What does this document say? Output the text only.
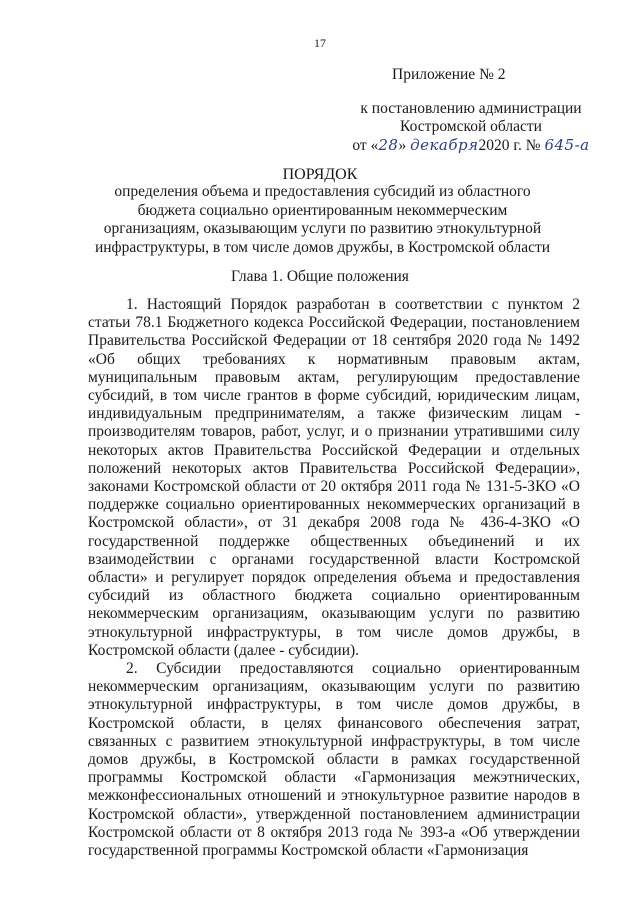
17
Приложение № 2
к постановлению администрации
Костромской области
от «28» декабря2020 г. № 645-а
ПОРЯДОК
определения объема и предоставления субсидий из областного бюджета социально ориентированным некоммерческим организациям, оказывающим услуги по развитию этнокультурной инфраструктуры, в том числе домов дружбы, в Костромской области
Глава 1. Общие положения

1. Настоящий Порядок разработан в соответствии с пунктом 2 статьи 78.1 Бюджетного кодекса Российской Федерации, постановлением Правительства Российской Федерации от 18 сентября 2020 года № 1492 «Об общих требованиях к нормативным правовым актам, муниципальным правовым актам, регулирующим предоставление субсидий, в том числе грантов в форме субсидий, юридическим лицам, индивидуальным предпринимателям, а также физическим лицам - производителям товаров, работ, услуг, и о признании утратившими силу некоторых актов Правительства Российской Федерации и отдельных положений некоторых актов Правительства Российской Федерации», законами Костромской области от 20 октября 2011 года № 131-5-ЗКО «О поддержке социально ориентированных некоммерческих организаций в Костромской области», от 31 декабря 2008 года № 436-4-ЗКО «О государственной поддержке общественных объединений и их взаимодействии с органами государственной власти Костромской области» и регулирует порядок определения объема и предоставления субсидий из областного бюджета социально ориентированным некоммерческим организациям, оказывающим услуги по развитию этнокультурной инфраструктуры, в том числе домов дружбы, в Костромской области (далее - субсидии).

2. Субсидии предоставляются социально ориентированным некоммерческим организациям, оказывающим услуги по развитию этнокультурной инфраструктуры, в том числе домов дружбы, в Костромской области, в целях финансового обеспечения затрат, связанных с развитием этнокультурной инфраструктуры, в том числе домов дружбы, в Костромской области в рамках государственной программы Костромской области «Гармонизация межэтнических, межконфессиональных отношений и этнокультурное развитие народов в Костромской области», утвержденной постановлением администрации Костромской области от 8 октября 2013 года № 393-а «Об утверждении государственной программы Костромской области «Гармонизация
